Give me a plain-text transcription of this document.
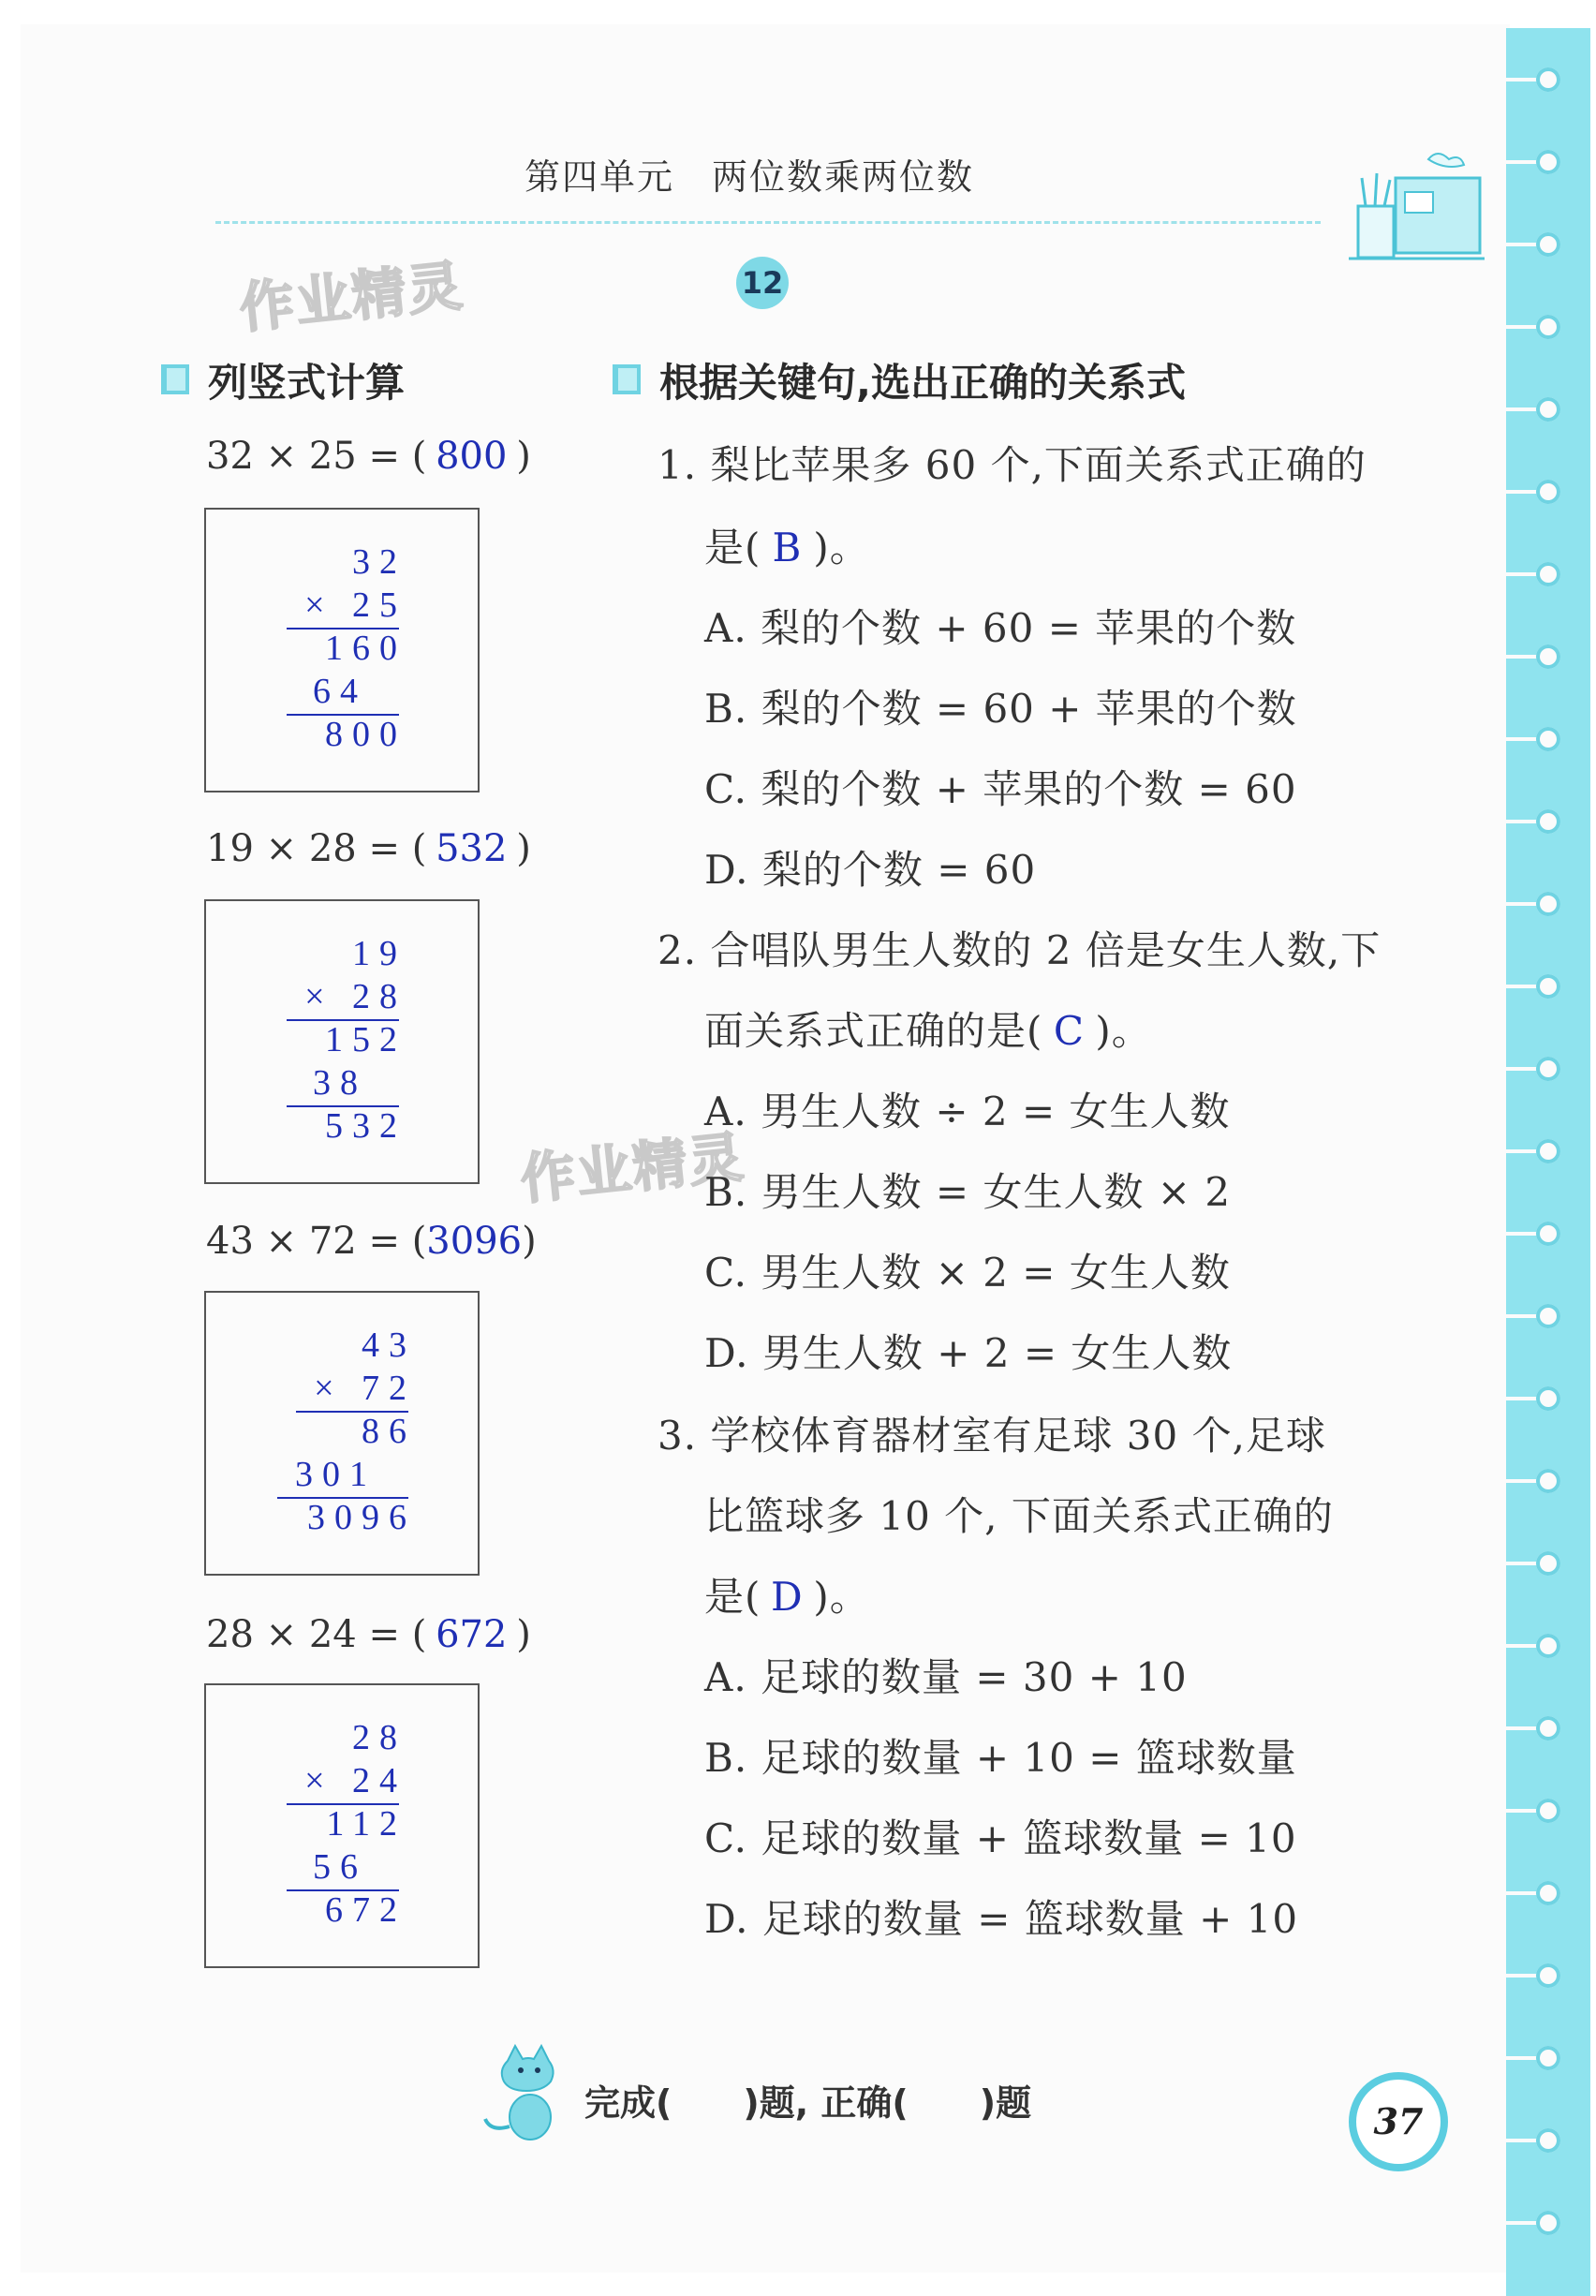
第四单元　两位数乘两位数
12
作业精灵
作业精灵
列竖式计算	根据关键句,选出正确的关系式
32 × 25 = ( 800 )
32
× 25
160
64
800
19 × 28 = ( 532 )
19
× 28
152
38
532
43 × 72 = (3096)
43
× 72
86
301
3096
28 × 24 = ( 672 )
28
× 24
112
56
672
1. 梨比苹果多 60 个,下面关系式正确的
是( B )。
A. 梨的个数 + 60 = 苹果的个数
B. 梨的个数 = 60 + 苹果的个数
C. 梨的个数 + 苹果的个数 = 60
D. 梨的个数 = 60
2. 合唱队男生人数的 2 倍是女生人数,下
面关系式正确的是( C )。
A. 男生人数 ÷ 2 = 女生人数
B. 男生人数 = 女生人数 × 2
C. 男生人数 × 2 = 女生人数
D. 男生人数 + 2 = 女生人数
3. 学校体育器材室有足球 30 个,足球
比篮球多 10 个, 下面关系式正确的
是( D )。
A. 足球的数量 = 30 + 10
B. 足球的数量 + 10 = 篮球数量
C. 足球的数量 + 篮球数量 = 10
D. 足球的数量 = 篮球数量 + 10
完成(　　)题, 正确(　　)题	37
